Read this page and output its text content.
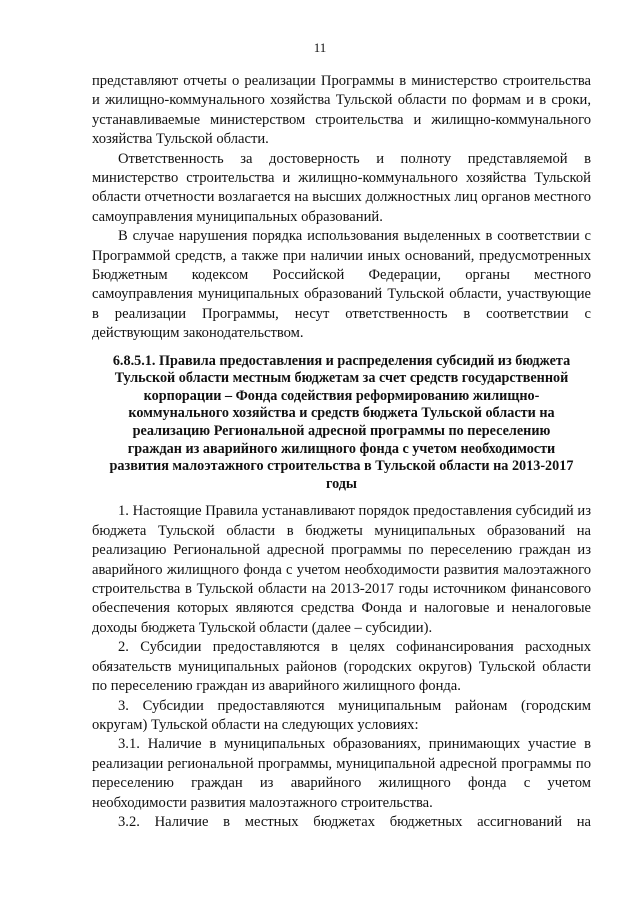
11

представляют отчеты о реализации Программы в министерство строительства и жилищно-коммунального хозяйства Тульской области по формам и в сроки, устанавливаемые министерством строительства и жилищно-коммунального хозяйства Тульской области.

Ответственность за достоверность и полноту представляемой в министерство строительства и жилищно-коммунального хозяйства Тульской области отчетности возлагается на высших должностных лиц органов местного самоуправления муниципальных образований.

В случае нарушения порядка использования выделенных в соответствии с Программой средств, а также при наличии иных оснований, предусмотренных Бюджетным кодексом Российской Федерации, органы местного самоуправления муниципальных образований Тульской области, участвующие в реализации Программы, несут ответственность в соответствии с действующим законодательством.

6.8.5.1. Правила предоставления и распределения субсидий из бюджета Тульской области местным бюджетам за счет средств государственной корпорации – Фонда содействия реформированию жилищно-коммунального хозяйства и средств бюджета Тульской области на реализацию Региональной адресной программы по переселению граждан из аварийного жилищного фонда с учетом необходимости развития малоэтажного строительства в Тульской области на 2013-2017 годы

1. Настоящие Правила устанавливают порядок предоставления субсидий из бюджета Тульской области в бюджеты муниципальных образований на реализацию Региональной адресной программы по переселению граждан из аварийного жилищного фонда с учетом необходимости развития малоэтажного строительства в Тульской области на 2013-2017 годы источником финансового обеспечения которых являются средства Фонда и налоговые и неналоговые доходы бюджета Тульской области (далее – субсидии).

2. Субсидии предоставляются в целях софинансирования расходных обязательств муниципальных районов (городских округов) Тульской области по переселению граждан из аварийного жилищного фонда.

3. Субсидии предоставляются муниципальным районам (городским округам) Тульской области на следующих условиях:

3.1. Наличие в муниципальных образованиях, принимающих участие в реализации региональной программы, муниципальной адресной программы по переселению граждан из аварийного жилищного фонда с учетом необходимости развития малоэтажного строительства.

3.2. Наличие в местных бюджетах бюджетных ассигнований на
